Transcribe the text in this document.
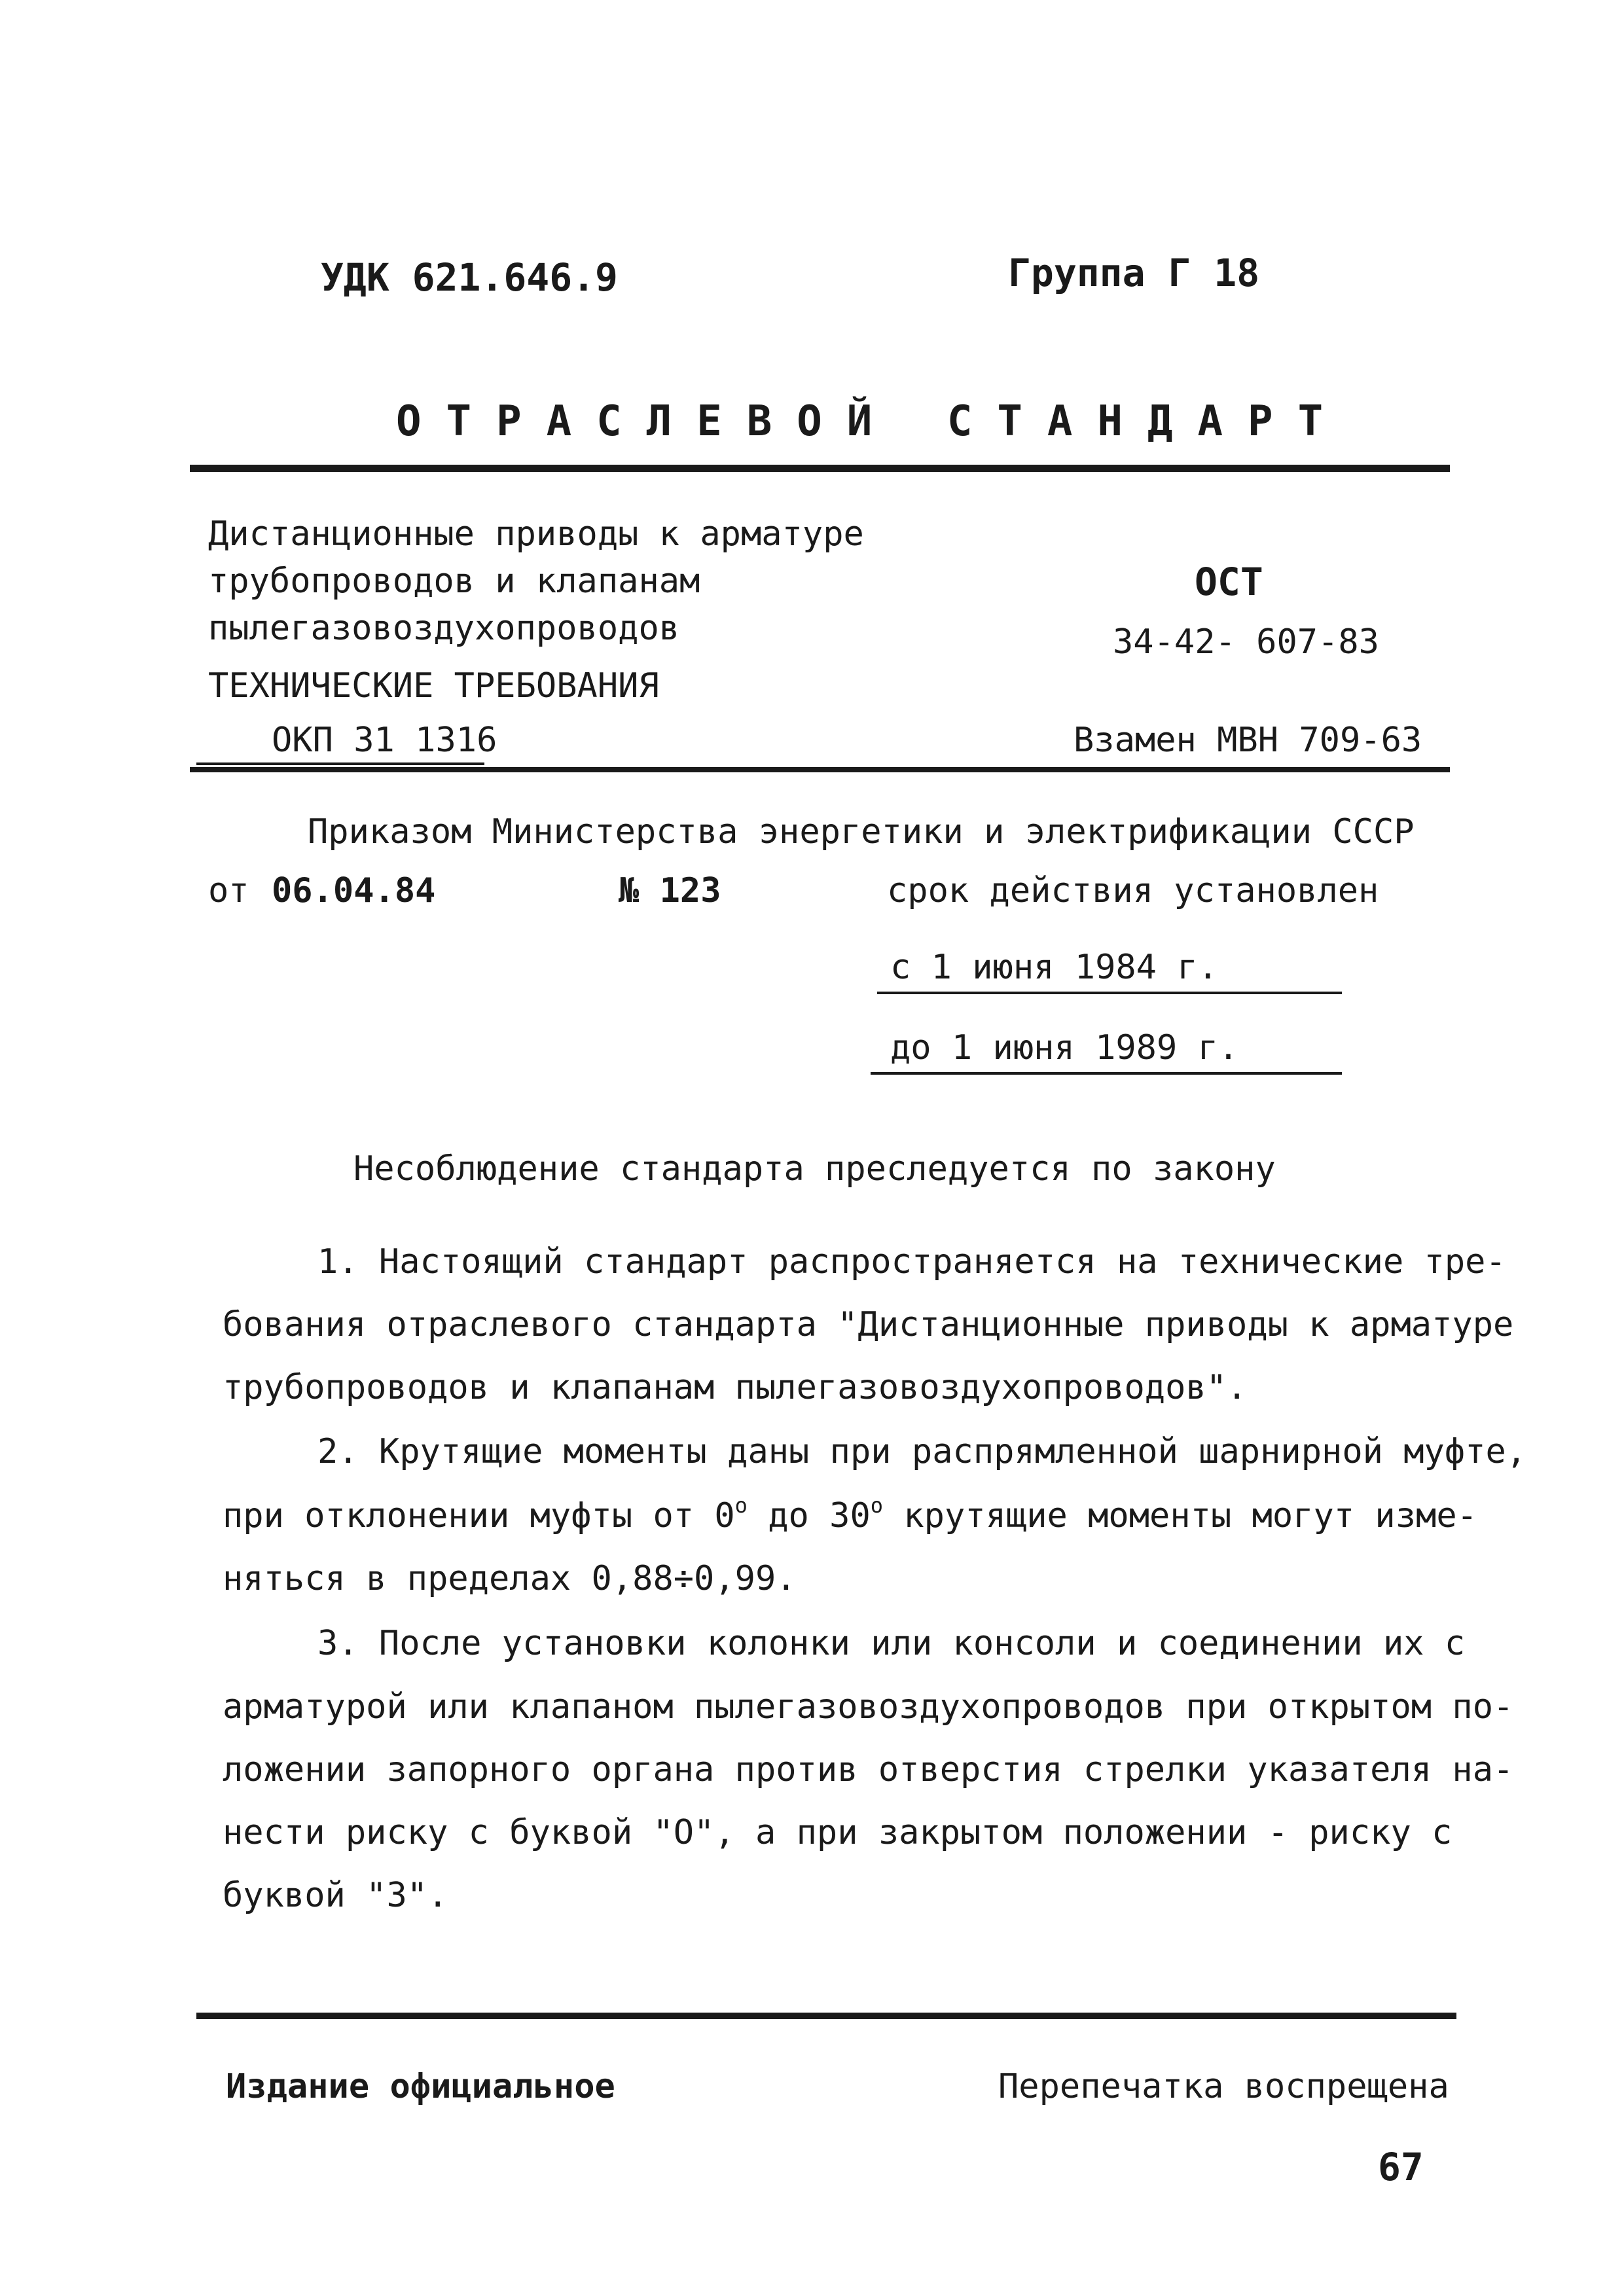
УДК 621.646.9	Группа Г 18
ОТРАСЛЕВОЙ СТАНДАРТ
Дистанционные приводы к арматуре
трубопроводов и клапанам
пылегазовоздухопроводов
ТЕХНИЧЕСКИЕ ТРЕБОВАНИЯ
ОКП 31 1316
ОСТ
34-42- 607-83
Взамен МВН 709-63
Приказом Министерства энергетики и электрификации СССР
от 06.04.84	№ 123	срок действия установлен
с 1 июня 1984 г.
до 1 июня 1989 г.
Несоблюдение стандарта преследуется по закону
1. Настоящий стандарт распространяется на технические тре-
бования отраслевого стандарта "Дистанционные приводы к арматуре
трубопроводов и клапанам пылегазовоздухопроводов".
2. Крутящие моменты даны при распрямленной шарнирной муфте,
при отклонении муфты от $0^о$ до $30^о$ крутящие моменты могут изме-
няться в пределах 0,88÷0,99.
3. После установки колонки или консоли и соединении их с
арматурой или клапаном пылегазовоздухопроводов при открытом по-
ложении запорного органа против отверстия стрелки указателя на-
нести риску с буквой "О", а при закрытом положении - риску с
буквой "З".
Издание официальное	Перепечатка воспрещена
67
